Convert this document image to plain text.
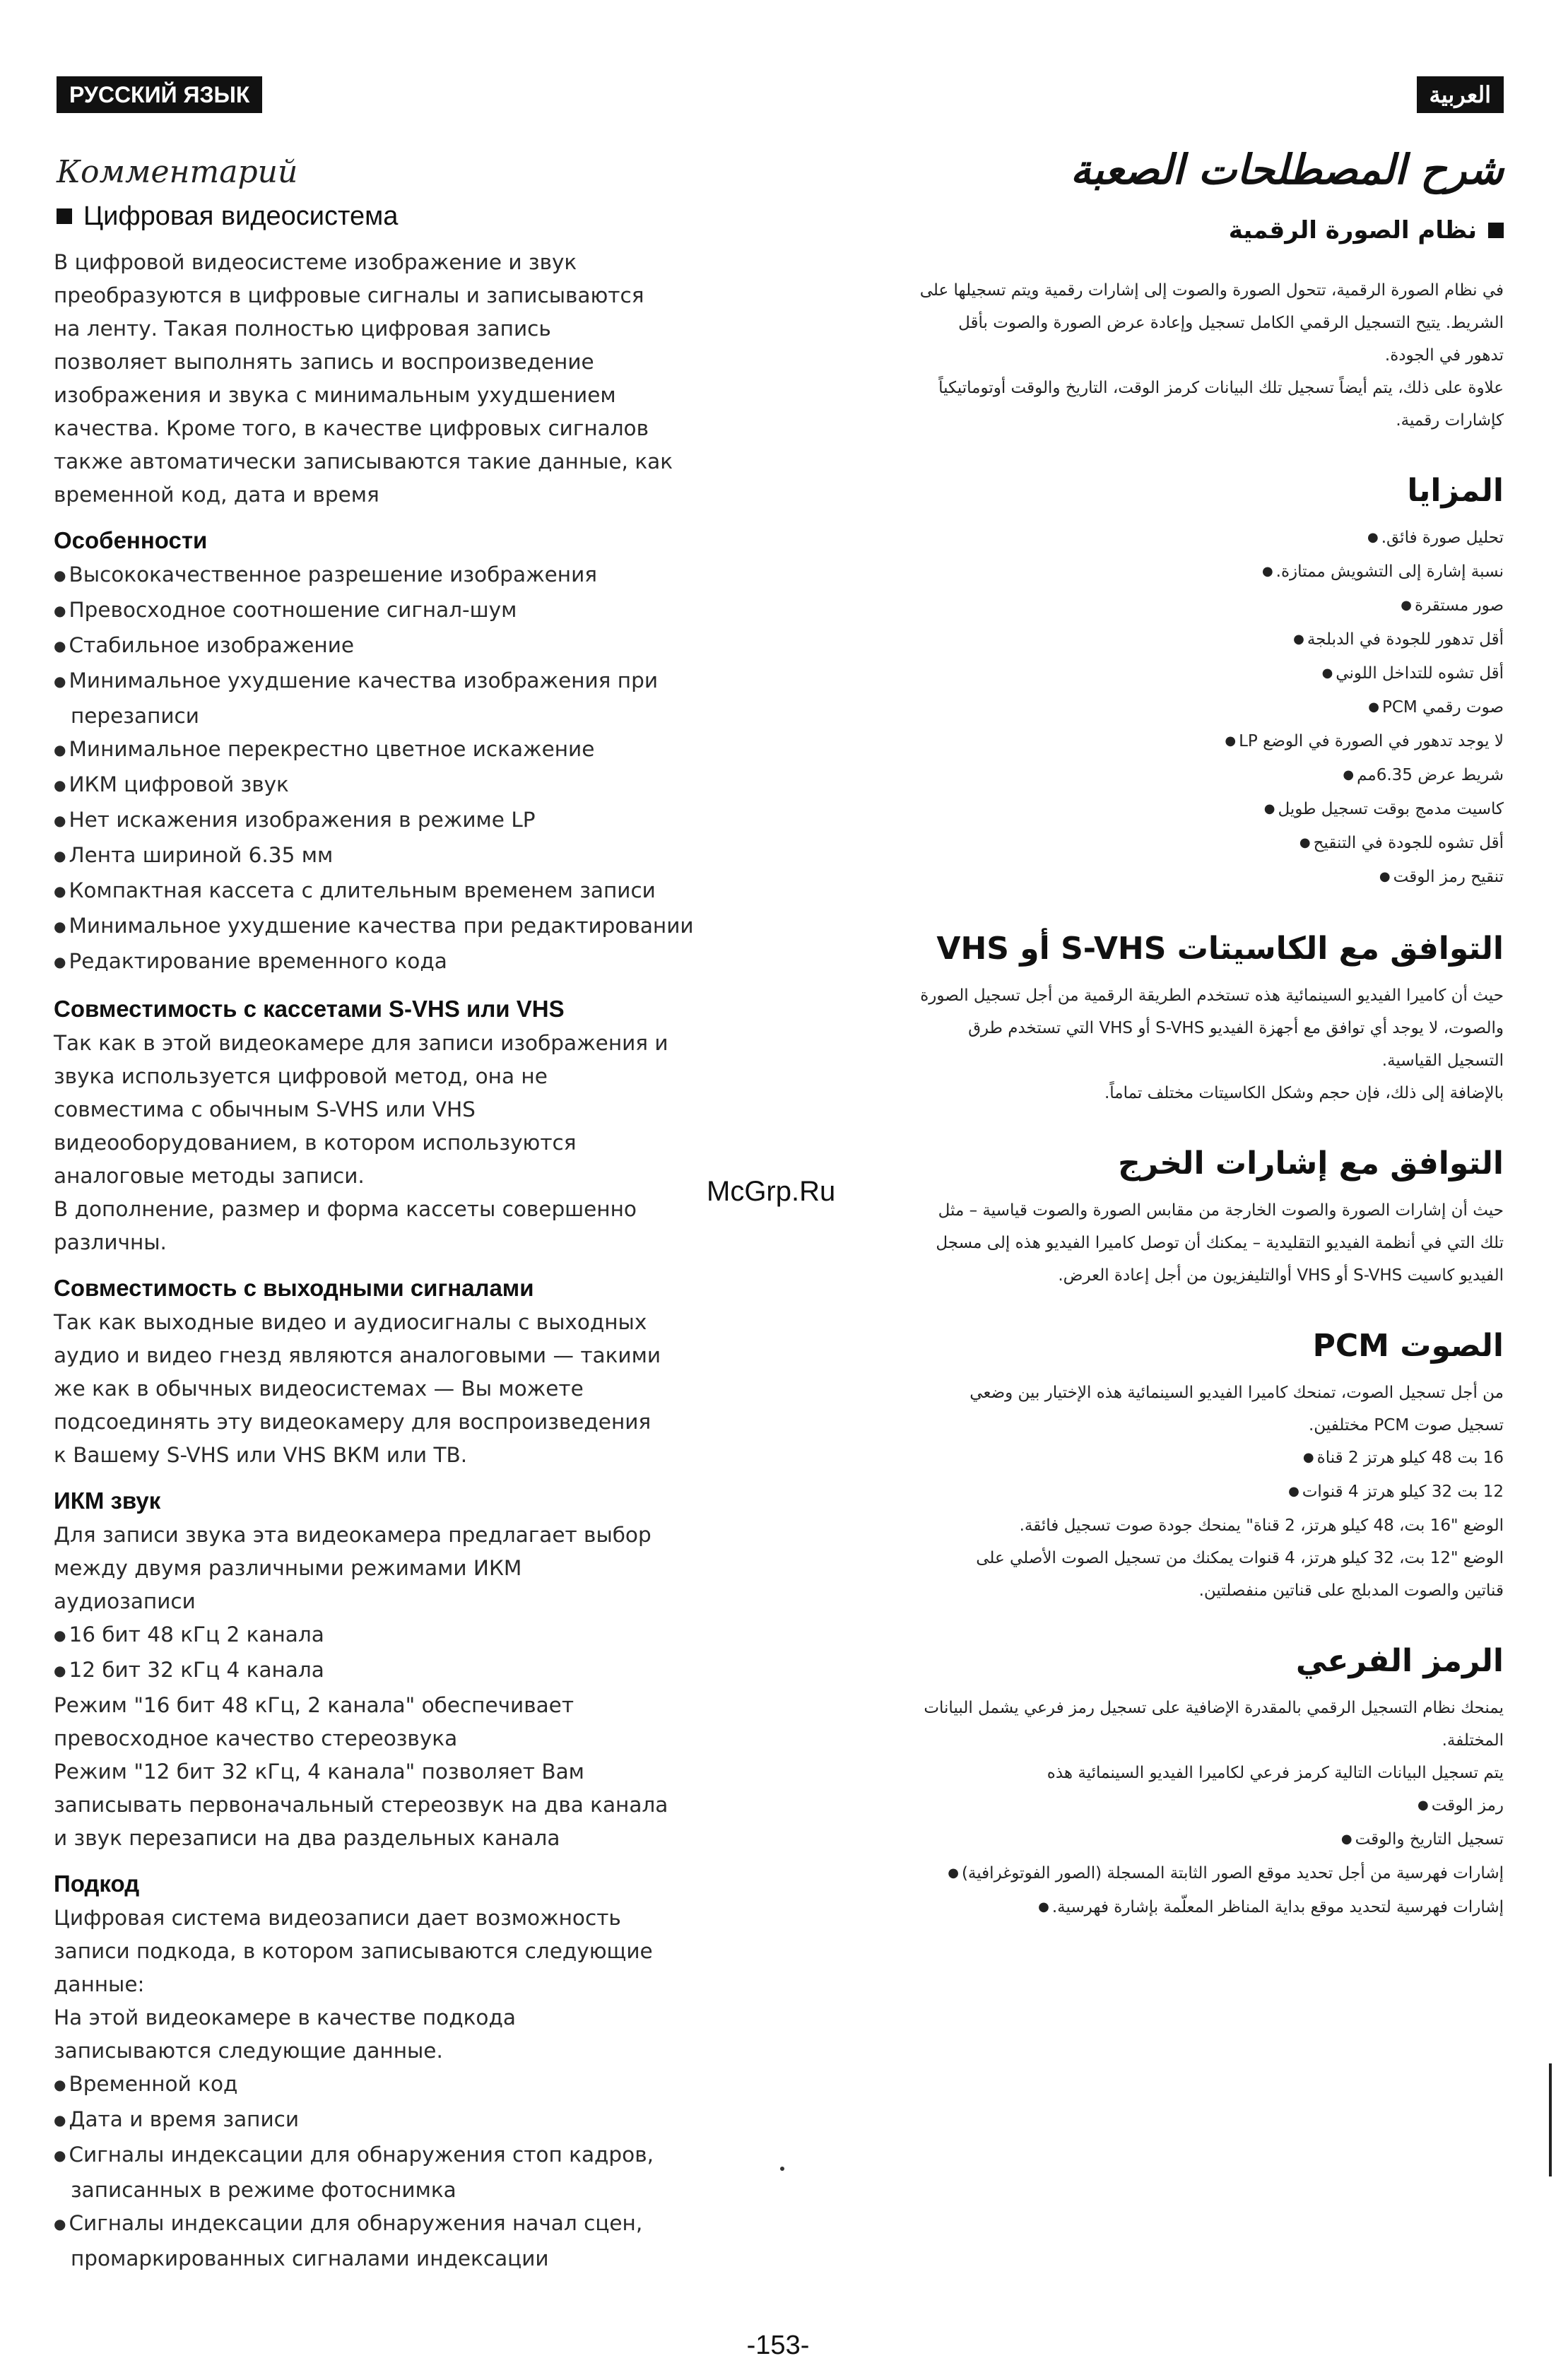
РУССКИЙ ЯЗЫК	العربية
Комментарий
Цифровая видеосистема
В цифровой видеосистеме изображение и звук
преобразуются в цифровые сигналы и записываются
на ленту. Такая полностью цифровая запись
позволяет выполнять запись и воспроизведение
изображения и звука с минимальным ухудшением
качества. Кроме того, в качестве цифровых сигналов
также автоматически записываются такие данные, как
временной код, дата и время
Особенности
● Высококачественное разрешение изображения
● Превосходное соотношение сигнал-шум
● Стабильное изображение
● Минимальное ухудшение качества изображения при перезаписи
● Минимальное перекрестно цветное искажение
● ИКМ цифровой звук
● Нет искажения изображения в режиме LP
● Лента шириной 6.35 мм
● Компактная кассета с длительным временем записи
● Минимальное ухудшение качества при редактировании
● Редактирование временного кода
Совместимость с кассетами S-VHS или VHS
Так как в этой видеокамере для записи изображения и
звука используется цифровой метод, она не
совместима с обычным S-VHS или VHS
видеооборудованием, в котором используются
аналоговые методы записи.
В дополнение, размер и форма кассеты совершенно
различны.
Совместимость с выходными сигналами
Так как выходные видео и аудиосигналы с выходных
аудио и видео гнезд являются аналоговыми — такими
же как в обычных видеосистемах — Вы можете
подсоединять эту видеокамеру для воспроизведения
к Вашему S-VHS или VHS ВКМ или ТВ.
ИКМ звук
Для записи звука эта видеокамера предлагает выбор
между двумя различными режимами ИКМ
аудиозаписи
● 16 бит 48 кГц 2 канала
● 12 бит 32 кГц 4 канала
Режим "16 бит 48 кГц, 2 канала" обеспечивает
превосходное качество стереозвука
Режим "12 бит 32 кГц, 4 канала" позволяет Вам
записывать первоначальный стереозвук на два канала
и звук перезаписи на два раздельных канала
Подкод
Цифровая система видеозаписи дает возможность
записи подкода, в котором записываются следующие
данные:
На этой видеокамере в качестве подкода
записываются следующие данные.
● Временной код
● Дата и время записи
● Сигналы индексации для обнаружения стоп кадров, записанных в режиме фотоснимка
● Сигналы индексации для обнаружения начал сцен, промаркированных сигналами индексации
شرح المصطلحات الصعبة
نظام الصورة الرقمية
في نظام الصورة الرقمية، تتحول الصورة والصوت إلى إشارات رقمية ويتم تسجيلها على
الشريط. يتيح التسجيل الرقمي الكامل تسجيل وإعادة عرض الصورة والصوت بأقل
تدهور في الجودة.
علاوة على ذلك، يتم أيضاً تسجيل تلك البيانات كرمز الوقت، التاريخ والوقت أوتوماتيكياً
كإشارات رقمية.
المزايا
تحليل صورة فائق. ●
نسبة إشارة إلى التشويش ممتازة. ●
صور مستقرة ●
أقل تدهور للجودة في الدبلجة ●
أقل تشوه للتداخل اللوني ●
صوت رقمي PCM ●
لا يوجد تدهور في الصورة في الوضع LP ●
شريط عرض 6.35مم ●
كاسيت مدمج بوقت تسجيل طويل ●
أقل تشوه للجودة في التنقيح ●
تنقيح رمز الوقت ●
التوافق مع الكاسيتات S-VHS أو VHS
حيث أن كاميرا الفيديو السينمائية هذه تستخدم الطريقة الرقمية من أجل تسجيل الصورة
والصوت، لا يوجد أي توافق مع أجهزة الفيديو S-VHS أو VHS التي تستخدم طرق
التسجيل القياسية.
بالإضافة إلى ذلك، فإن حجم وشكل الكاسيتات مختلف تماماً.
التوافق مع إشارات الخرج
حيث أن إشارات الصورة والصوت الخارجة من مقابس الصورة والصوت قياسية – مثل
تلك التي في أنظمة الفيديو التقليدية – يمكنك أن توصل كاميرا الفيديو هذه إلى مسجل
الفيديو كاسيت S-VHS أو VHS أوالتليفزيون من أجل إعادة العرض.
الصوت PCM
من أجل تسجيل الصوت، تمنحك كاميرا الفيديو السينمائية هذه الإختيار بين وضعي
تسجيل صوت PCM مختلفين.
16 بت 48 كيلو هرتز 2 قناة ●
12 بت 32 كيلو هرتز 4 قنوات ●
الوضع "16 بت، 48 كيلو هرتز، 2 قناة" يمنحك جودة صوت تسجيل فائقة.
الوضع "12 بت، 32 كيلو هرتز، 4 قنوات يمكنك من تسجيل الصوت الأصلي على
قناتين والصوت المدبلج على قناتين منفصلتين.
الرمز الفرعي
يمنحك نظام التسجيل الرقمي بالمقدرة الإضافية على تسجيل رمز فرعي يشمل البيانات
المختلفة.
يتم تسجيل البيانات التالية كرمز فرعي لكاميرا الفيديو السينمائية هذه
رمز الوقت ●
تسجيل التاريخ والوقت ●
إشارات فهرسية من أجل تحديد موقع الصور الثابتة المسجلة (الصور الفوتوغرافية) ●
إشارات فهرسية لتحديد موقع بداية المناظر المعلّمة بإشارة فهرسية. ●
McGrp.Ru
-153-
